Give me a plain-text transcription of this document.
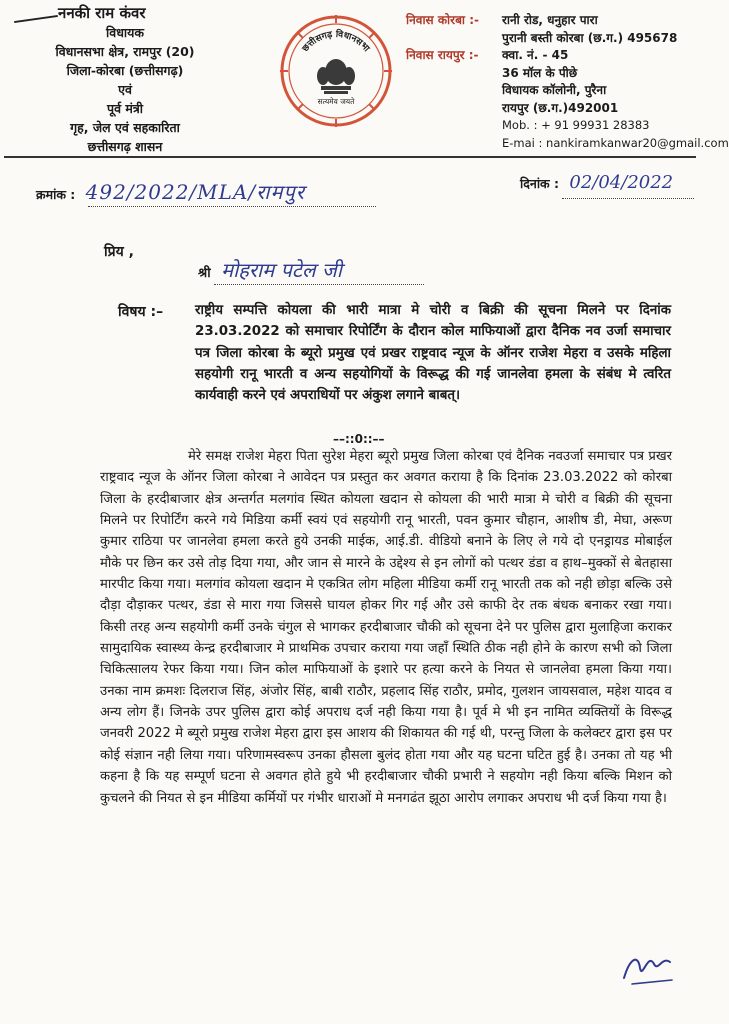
ननकी राम कंवर
विधायक
विधानसभा क्षेत्र, रामपुर (20)
जिला-कोरबा (छत्तीसगढ़)
एवं
पूर्व मंत्री
गृह, जेल एवं सहकारिता
छत्तीसगढ़ शासन
छत्तीसगढ़ विधानसभा
सत्यमेव जयते
निवास कोरबा :-	रानी रोड, धनुहार पारा
पुरानी बस्ती कोरबा (छ.ग.) 495678
निवास रायपुर :-	क्वा. नं. - 45
36 मॉल के पीछे
विधायक कॉलोनी, पुरैना
रायपुर (छ.ग.)492001
Mob. : + 91 99931 28383
E-mai : nankiramkanwar20@gmail.com
क्रमांक : 492/2022/MLA/रामपुर	दिनांक : 02/04/2022
प्रिय ,
श्री मोहराम पटेल जी
विषय :– राष्ट्रीय सम्पत्ति कोयला की भारी मात्रा मे चोरी व बिक्री की सूचना मिलने पर दिनांक 23.03.2022 को समाचार रिपोर्टिंग के दौरान कोल माफियाओं द्वारा दैनिक नव उर्जा समाचार पत्र जिला कोरबा के ब्यूरो प्रमुख एवं प्रखर राष्ट्रवाद न्यूज के ऑनर राजेश मेहरा व उसके महिला सहयोगी रानू भारती व अन्य सहयोगियों के विरूद्ध की गई जानलेवा हमला के संबंध मे त्वरित कार्यवाही करने एवं अपराधियों पर अंकुश लगाने बाबत्।
––::0::––
मेरे समक्ष राजेश मेहरा पिता सुरेश मेहरा ब्यूरो प्रमुख जिला कोरबा एवं दैनिक नवउर्जा समाचार पत्र प्रखर राष्ट्रवाद न्यूज के ऑनर जिला कोरबा ने आवेदन पत्र प्रस्तुत कर अवगत कराया है कि दिनांक 23.03.2022 को कोरबा जिला के हरदीबाजार क्षेत्र अन्तर्गत मलगांव स्थित कोयला खदान से कोयला की भारी मात्रा मे चोरी व बिक्री की सूचना मिलने पर रिपोर्टिंग करने गये मिडिया कर्मी स्वयं एवं सहयोगी रानू भारती, पवन कुमार चौहान, आशीष डी, मेघा, अरूण कुमार राठिया पर जानलेवा हमला करते हुये उनकी माईक, आई.डी. वीडियो बनाने के लिए ले गये दो एनड्रायड मोबाईल मौके पर छिन कर उसे तोड़ दिया गया, और जान से मारने के उद्देश्य से इन लोगों को पत्थर डंडा व हाथ–मुक्कों से बेतहासा मारपीट किया गया। मलगांव कोयला खदान मे एकत्रित लोग महिला मीडिया कर्मी रानू भारती तक को नही छोड़ा बल्कि उसे दौड़ा दौड़ाकर पत्थर, डंडा से मारा गया जिससे घायल होकर गिर गई और उसे काफी देर तक बंधक बनाकर रखा गया। किसी तरह अन्य सहयोगी कर्मी उनके चंगुल से भागकर हरदीबाजार चौकी को सूचना देने पर पुलिस द्वारा मुलाहिजा कराकर सामुदायिक स्वास्थ्य केन्द्र हरदीबाजार मे प्राथमिक उपचार कराया गया जहाँ स्थिति ठीक नही होने के कारण सभी को जिला चिकित्सालय रेफर किया गया। जिन कोल माफियाओं के इशारे पर हत्या करने के नियत से जानलेवा हमला किया गया। उनका नाम क्रमशः दिलराज सिंह, अंजोर सिंह, बाबी राठौर, प्रहलाद सिंह राठौर, प्रमोद, गुलशन जायसवाल, महेश यादव व अन्य लोग हैं। जिनके उपर पुलिस द्वारा कोई अपराध दर्ज नही किया गया है। पूर्व मे भी इन नामित व्यक्तियों के विरूद्ध जनवरी 2022 मे ब्यूरो प्रमुख राजेश मेहरा द्वारा इस आशय की शिकायत की गई थी, परन्तु जिला के कलेक्टर द्वारा इस पर कोई संज्ञान नही लिया गया। परिणामस्वरूप उनका हौसला बुलंद होता गया और यह घटना घटित हुई है। उनका तो यह भी कहना है कि यह सम्पूर्ण घटना से अवगत होते हुये भी हरदीबाजार चौकी प्रभारी ने सहयोग नही किया बल्कि मिशन को कुचलने की नियत से इन मीडिया कर्मियों पर गंभीर धाराओं मे मनगढंत झूठा आरोप लगाकर अपराध भी दर्ज किया गया है।
